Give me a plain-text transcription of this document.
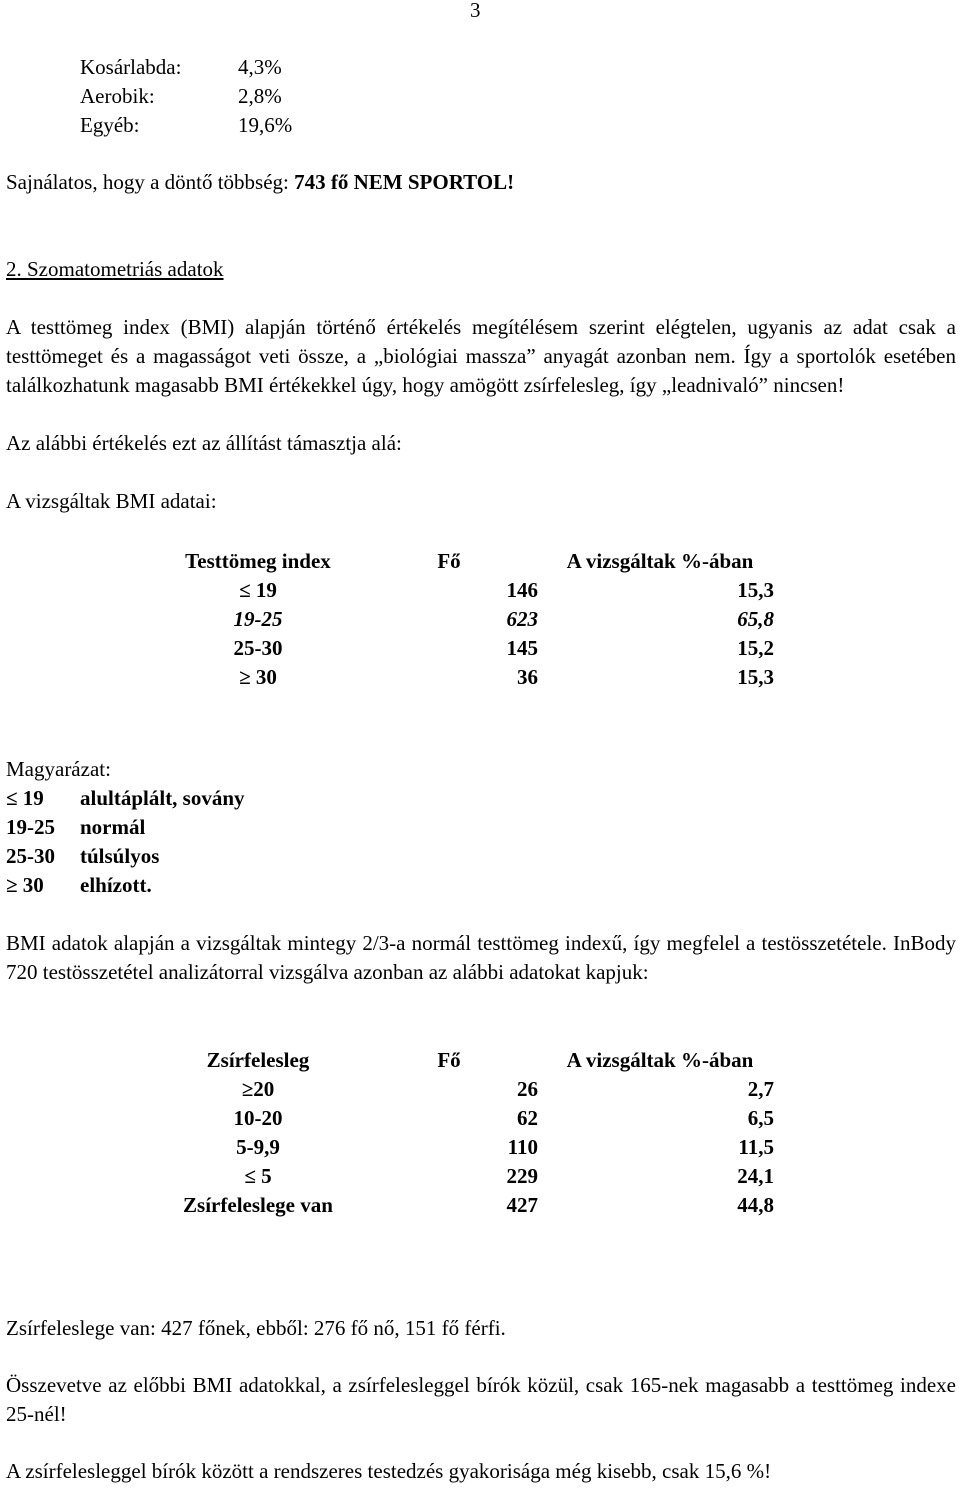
3
Kosárlabda:	4,3%
Aerobik:	2,8%
Egyéb:	19,6%
Sajnálatos, hogy a döntő többség: 743 fő NEM SPORTOL!
2. Szomatometriás adatok
A testtömeg index (BMI) alapján történő értékelés megítélésem szerint elégtelen, ugyanis az adat csak a testtömeget és a magasságot veti össze, a „biológiai massza” anyagát azonban nem. Így a sportolók esetében találkozhatunk magasabb BMI értékekkel úgy, hogy amögött zsírfelesleg, így „leadnivaló” nincsen!
Az alábbi értékelés ezt az állítást támasztja alá:
A vizsgáltak BMI adatai:
Testtömeg index	Fő	A vizsgáltak %-ában
≤ 19	146	15,3
19-25	623	65,8
25-30	145	15,2
≥ 30	36	15,3
Magyarázat:
≤ 19 alultáplált, sovány
19-25 normál
25-30 túlsúlyos
≥ 30 elhízott.
BMI adatok alapján a vizsgáltak mintegy 2/3-a normál testtömeg indexű, így megfelel a testösszetétele. InBody 720 testösszetétel analizátorral vizsgálva azonban az alábbi adatokat kapjuk:
Zsírfelesleg	Fő	A vizsgáltak %-ában
≥20	26	2,7
10-20	62	6,5
5-9,9	110	11,5
≤ 5	229	24,1
Zsírfeleslege van	427	44,8
Zsírfeleslege van: 427 főnek, ebből: 276 fő nő, 151 fő férfi.
Összevetve az előbbi BMI adatokkal, a zsírfelesleggel bírók közül, csak 165-nek magasabb a testtömeg indexe 25-nél!
A zsírfelesleggel bírók között a rendszeres testedzés gyakorisága még kisebb, csak 15,6 %!
